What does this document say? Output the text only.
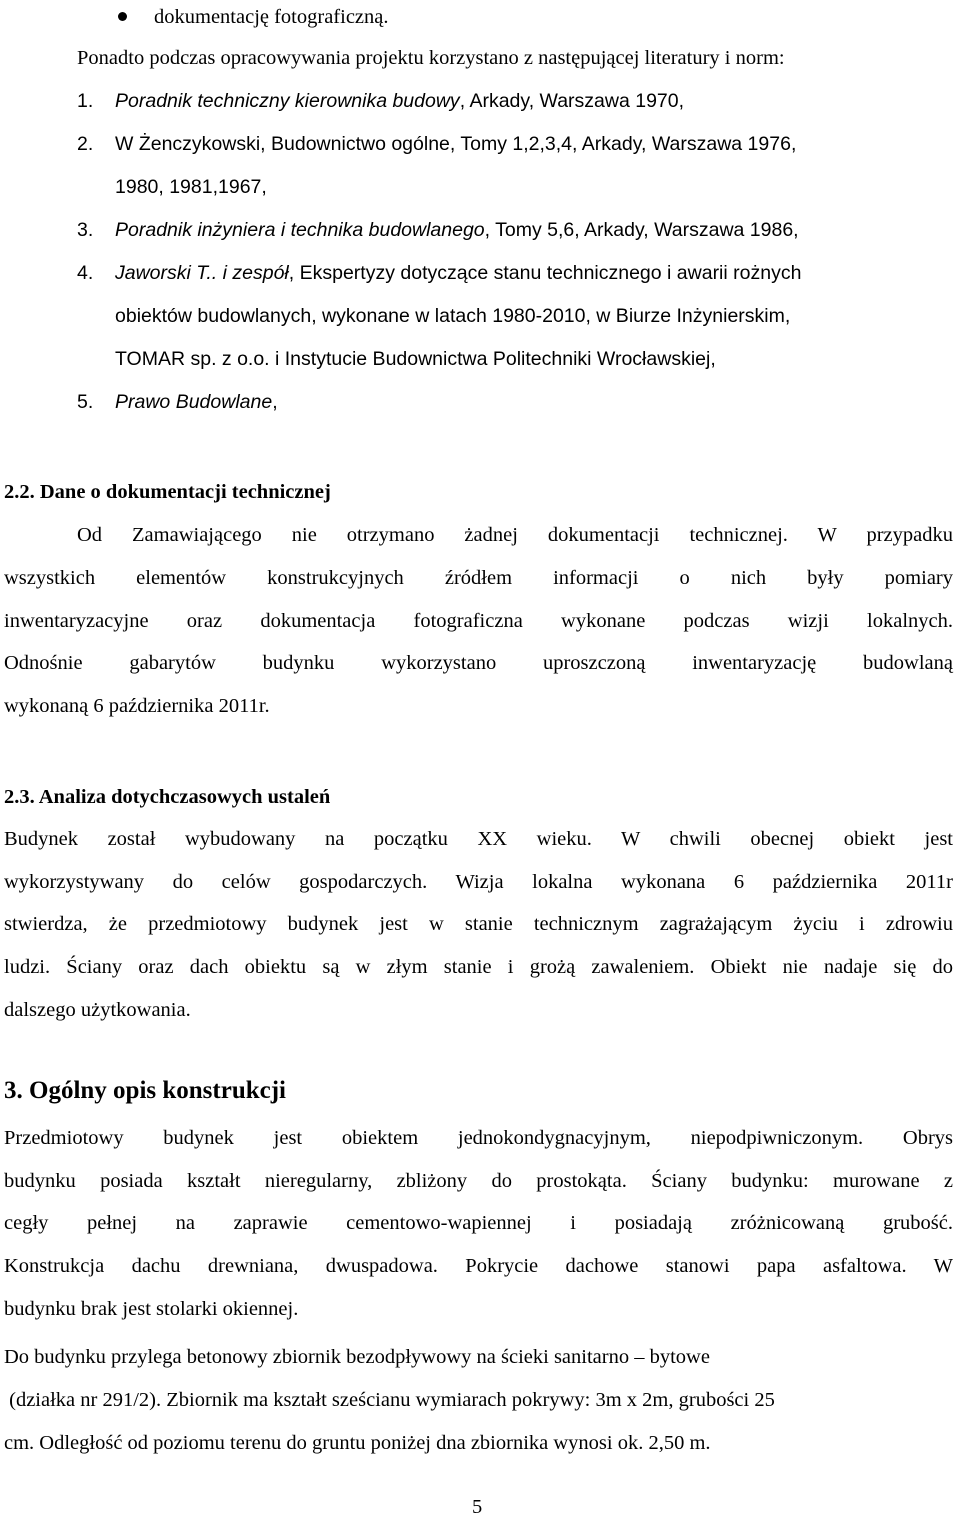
dokumentację fotograficzną.
Ponadto podczas opracowywania projektu korzystano z następującej literatury i norm:
1. Poradnik techniczny kierownika budowy, Arkady, Warszawa 1970,
2. W Żenczykowski, Budownictwo ogólne, Tomy 1,2,3,4, Arkady, Warszawa 1976,
1980, 1981,1967,
3. Poradnik inżyniera i technika budowlanego, Tomy 5,6, Arkady, Warszawa 1986,
4. Jaworski T.. i zespół, Ekspertyzy dotyczące stanu technicznego i awarii rożnych
obiektów budowlanych, wykonane w latach 1980-2010, w Biurze Inżynierskim,
TOMAR sp. z o.o. i Instytucie Budownictwa Politechniki Wrocławskiej,
5. Prawo Budowlane,
2.2. Dane o dokumentacji technicznej
Od Zamawiającego nie otrzymano żadnej dokumentacji technicznej. W przypadku
wszystkich elementów konstrukcyjnych źródłem informacji o nich były pomiary
inwentaryzacyjne oraz dokumentacja fotograficzna wykonane podczas wizji lokalnych.
Odnośnie gabarytów budynku wykorzystano uproszczoną inwentaryzację budowlaną
wykonaną 6 października 2011r.
2.3. Analiza dotychczasowych ustaleń
Budynek został wybudowany na początku XX wieku. W chwili obecnej obiekt jest
wykorzystywany do celów gospodarczych. Wizja lokalna wykonana 6 października 2011r
stwierdza, że przedmiotowy budynek jest w stanie technicznym zagrażającym życiu i zdrowiu
ludzi. Ściany oraz dach obiektu są w złym stanie i grożą zawaleniem. Obiekt nie nadaje się do
dalszego użytkowania.
3. Ogólny opis konstrukcji
Przedmiotowy budynek jest obiektem jednokondygnacyjnym, niepodpiwniczonym. Obrys
budynku posiada kształt nieregularny, zbliżony do prostokąta. Ściany budynku: murowane z
cegły pełnej na zaprawie cementowo-wapiennej i posiadają zróżnicowaną grubość.
Konstrukcja dachu drewniana, dwuspadowa. Pokrycie dachowe stanowi papa asfaltowa. W
budynku brak jest stolarki okiennej.
Do budynku przylega betonowy zbiornik bezodpływowy na ścieki sanitarno – bytowe
(działka nr 291/2). Zbiornik ma kształt sześcianu wymiarach pokrywy: 3m x 2m, grubości 25
cm. Odległość od poziomu terenu do gruntu poniżej dna zbiornika wynosi ok. 2,50 m.
5
